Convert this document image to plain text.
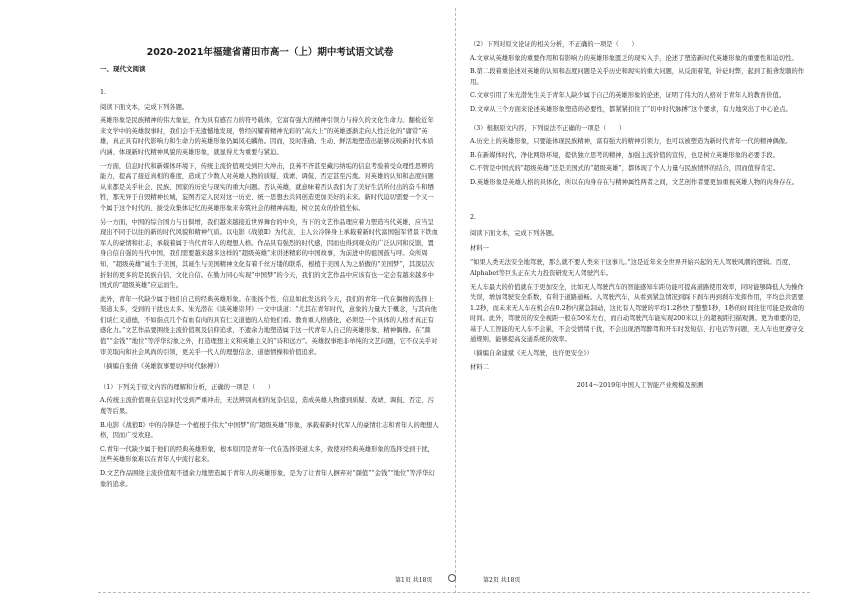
2020-2021年福建省莆田市高一（上）期中考试语文试卷
一、现代文阅读

1.

阅读下面文本，完成下列各题。

英雄形象是民族精神的伟大象征，作为具有感召力的符号载体，它富有强大的精神引领力与持久的文化生命力。翻检近年来文学中的英雄叙事时，我们会不无遗憾地发现，曾经闪耀着精神光彩的“高大上”的英雄逐渐走向人性泛化的“庸常”英雄，真正具有时代影响力和生命力的英雄形象仍属凤毛麟角。因而，及时准确、生动、鲜活地塑造出能够反映新时代本质内涵、体现新时代精神风貌的英雄形象，就显得尤为重要与紧迫。

一方面，信息时代和新媒体环境下，传统主流价值观受到巨大冲击，良莠不齐甚至藏污纳垢的信息考验着受众理性思辨的能力，提高了接近真相的难度，造成了少数人对英雄人物的质疑、戏谑、调侃、否定甚至污蔑。对英雄的认知和态度问题从来都是关乎社会、民族、国家的历史与现实的重大问题。否认英雄，就意味着否认我们为了美好生活所付出的奋斗和牺牲，那无异于自毁精神长城，妄图否定人民对这一历史、统一思想去共同创造更加美好的未来。新时代迫切需要一个又一个属于这个时代的、拔受众集体记忆的英雄形象来夯筑社会的精神高地，树立民众的价值坐标。

另一方面，中国的综合国力与日俱增，我们越来越接近世界舞台的中央，当下的文艺作品理应着力塑造当代英雄，应当呈现出不同于以往的新的时代风貌和精神气质。以电影《战狼Ⅱ》为代表，主人公冷锋身上承载着新时代富国强军背景下铁血军人的豪情和壮志，承载着属于当代青年人的理想人格。作品具有强烈的时代感，因而也得到观众的广泛认同和反馈，置身自信自强的当代中国，我们需要越来越多这样的“超级英雄”来讲述精彩的中国故事，为前进中的祖国鼓与呼。众所周知，“超级英雄”诞生于美国，其诞生与美国精神文化有着千丝万缕的联系，根植于美国人为之骄傲的“美国梦”，其深层次折射的更多的是民族自信、文化自信。在勤力同心实现“中国梦”的今天，我们的文艺作品中应该有也一定会有越来越多中国式的“超级英雄”应运而生。

此外，青年一代缺少属于他们自己的经典英雄形象。在张扬个性、信息如此发达的今天，我们的青年一代在偶像的选择上渠道太多，受到的干扰也太多。朱光潜在《谈英雄崇拜》一文中谈道：“尤其在青年时代，意象的力量大于概念，与其向他们谈仁义道德，不如指点几个有血有肉的具有仁义道德的人给他们看。教育重人格感化，必须是一个具体的人格才真正有感化力。”文艺作品要围绕主流价值观及信仰追求，不遗余力地塑造属于这一代青年人自己的英雄形象、精神偶像。在“颜值”“金钱”“地位”等浮华幻象之外，打造理想主义和英雄主义的“诗和远方”。英雄叙事绝非单纯的文艺问题，它不仅关乎对审美取向和社会风尚的引领，更关乎一代人的理想信念、道德情操和价值追求。

（摘编自张倩《英雄叙事要切中时代脉搏》）

（1）下列关于原文内容的理解和分析，正确的一项是（　　）

A.传统主流价值观在信息时代受到严重冲击，无法辨别真相的复杂信息，造成英雄人物遭到质疑、戏谑、调侃、否定、污蔑等后果。

B.电影《战狼Ⅱ》中的冷锋是一个植根于伟大“中国梦”的“超级英雄”形象，承载着新时代军人的豪情壮志和青年人的理想人格，因而广受欢迎。

C.青年一代缺少属于他们的经典英雄形象，根本原因是青年一代在选择渠道太多，致使对经典英雄形象的选择受到干扰，这些英雄形象难以在青年人中流行起来。

D.文艺作品围绕主流价值观不遗余力地塑造属于青年人的英雄形象，是为了让青年人摒弃对“颜值”“金钱”“地位”等浮华幻象的追求。

（2）下列对原文论证的相关分析，不正确的一项是（　　）

A.文章从英雄形象的重要作用和有影响力的英雄形象匮乏的现实入手，论述了塑造新时代英雄形象的重要性和迫切性。

B.第二段着重论述对英雄的认知和态度问题是关乎历史和现实的重大问题，从反面着笔，针砭时弊，起到了振聋发聩的作用。

C.文章引用了朱光潜先生关于青年人缺少属于自己的英雄形象的论述，证明了伟大的人格对于青年人的教育价值。

D.文章从三个方面来论述英雄形象塑造的必要性，都紧紧扣住了“切中时代脉搏”这个要求，有力地突出了中心论点。

（3）根据原文内容，下列说法不正确的一项是（　　）

A.历史上的英雄形象，只要能体现民族精神，富有强大的精神引领力，也可以被塑造为新时代青年一代的精神偶像。

B.在新媒体时代，净化网络环境，提供独立思考的精神，加强主流价值的宣传，也是树立英雄形象的必要手段。

C.不管是中国式的“超级英雄”还是美国式的“超级英雄”，都体现了个人力量与民族情怀的结合，因而值得肯定。

D.英雄形象是英雄人格的具体化，所以在肉身存在与精神属性两者之间，文艺创作者要更加重视英雄人物的肉身存在。

2.

阅读下面文本，完成下列各题。

材料一

“如果人类无法安全地驾驶，那么就不要人类来干这事儿。”这是近年来全世界开始兴起的无人驾驶风潮的逻辑。百度、Alphabet等巨头正在大力投资研发无人驾驶汽车。

无人车最大的价值就在于更加安全，比如无人驾驶汽车的智能感知车距功能可提高道路使用效率，同时能够降低人为操作失误，增加驾驶安全系数，有利于道路通畅。人驾驶汽车，从看到紧急情况到踩下刹车再到刹车发挥作用，平均总共需要1.2秒，而未来无人车在机会在0.2秒内紧急制动，这比有人驾驶的平均1.2秒快了整整1秒，1秒的时间往往可能是致命的时间。此外，驾驶员的安全视距一般在50米左右，而自动驾驶汽车能实现200米以上的超视距扫描观测。更为重要的是，基于人工智能的无人车不会累，不会受情绪干扰，不会出现酒驾醉驾和开车时发短信、打电话等问题，无人车也更遵守交通规则，能够提高交通系统的效率。

（摘编自余建斌《无人驾驶，也许更安全》）

材料二

2014～2019年中国人工智能产业规模及预测

第1页 共18页	第2页 共18页
